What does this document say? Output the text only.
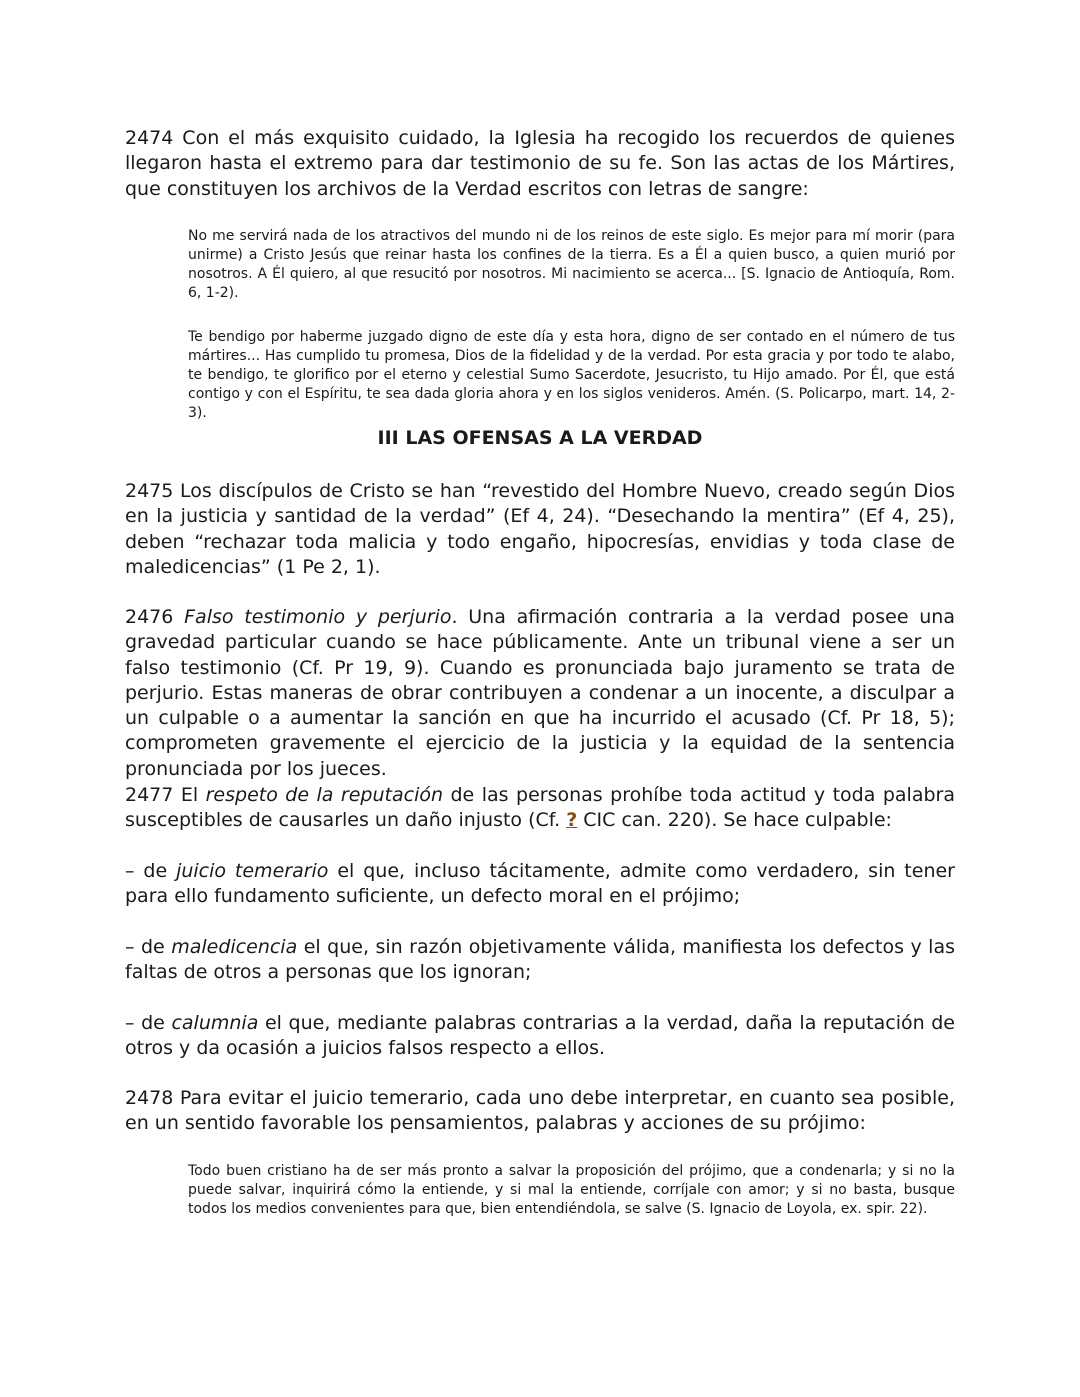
2474 Con el más exquisito cuidado, la Iglesia ha recogido los recuerdos de quienes llegaron hasta el extremo para dar testimonio de su fe. Son las actas de los Mártires, que constituyen los archivos de la Verdad escritos con letras de sangre:

No me servirá nada de los atractivos del mundo ni de los reinos de este siglo. Es mejor para mí morir (para unirme) a Cristo Jesús que reinar hasta los confines de la tierra. Es a Él a quien busco, a quien murió por nosotros. A Él quiero, al que resucitó por nosotros. Mi nacimiento se acerca... [S. Ignacio de Antioquía, Rom. 6, 1-2).

Te bendigo por haberme juzgado digno de este día y esta hora, digno de ser contado en el número de tus mártires... Has cumplido tu promesa, Dios de la fidelidad y de la verdad. Por esta gracia y por todo te alabo, te bendigo, te glorifico por el eterno y celestial Sumo Sacerdote, Jesucristo, tu Hijo amado. Por Él, que está contigo y con el Espíritu, te sea dada gloria ahora y en los siglos venideros. Amén. (S. Policarpo, mart. 14, 2-3).

III LAS OFENSAS A LA VERDAD

2475 Los discípulos de Cristo se han “revestido del Hombre Nuevo, creado según Dios en la justicia y santidad de la verdad” (Ef 4, 24). “Desechando la mentira” (Ef 4, 25), deben “rechazar toda malicia y todo engaño, hipocresías, envidias y toda clase de maledicencias” (1 Pe 2, 1).

2476 Falso testimonio y perjurio. Una afirmación contraria a la verdad posee una gravedad particular cuando se hace públicamente. Ante un tribunal viene a ser un falso testimonio (Cf. Pr 19, 9). Cuando es pronunciada bajo juramento se trata de perjurio. Estas maneras de obrar contribuyen a condenar a un inocente, a disculpar a un culpable o a aumentar la sanción en que ha incurrido el acusado (Cf. Pr 18, 5); comprometen gravemente el ejercicio de la justicia y la equidad de la sentencia pronunciada por los jueces.

2477 El respeto de la reputación de las personas prohíbe toda actitud y toda palabra susceptibles de causarles un daño injusto (Cf. ? CIC can. 220). Se hace culpable:

– de juicio temerario el que, incluso tácitamente, admite como verdadero, sin tener para ello fundamento suficiente, un defecto moral en el prójimo;

– de maledicencia el que, sin razón objetivamente válida, manifiesta los defectos y las faltas de otros a personas que los ignoran;

– de calumnia el que, mediante palabras contrarias a la verdad, daña la reputación de otros y da ocasión a juicios falsos respecto a ellos.

2478 Para evitar el juicio temerario, cada uno debe interpretar, en cuanto sea posible, en un sentido favorable los pensamientos, palabras y acciones de su prójimo:

Todo buen cristiano ha de ser más pronto a salvar la proposición del prójimo, que a condenarla; y si no la puede salvar, inquirirá cómo la entiende, y si mal la entiende, corríjale con amor; y si no basta, busque todos los medios convenientes para que, bien entendiéndola, se salve (S. Ignacio de Loyola, ex. spir. 22).
